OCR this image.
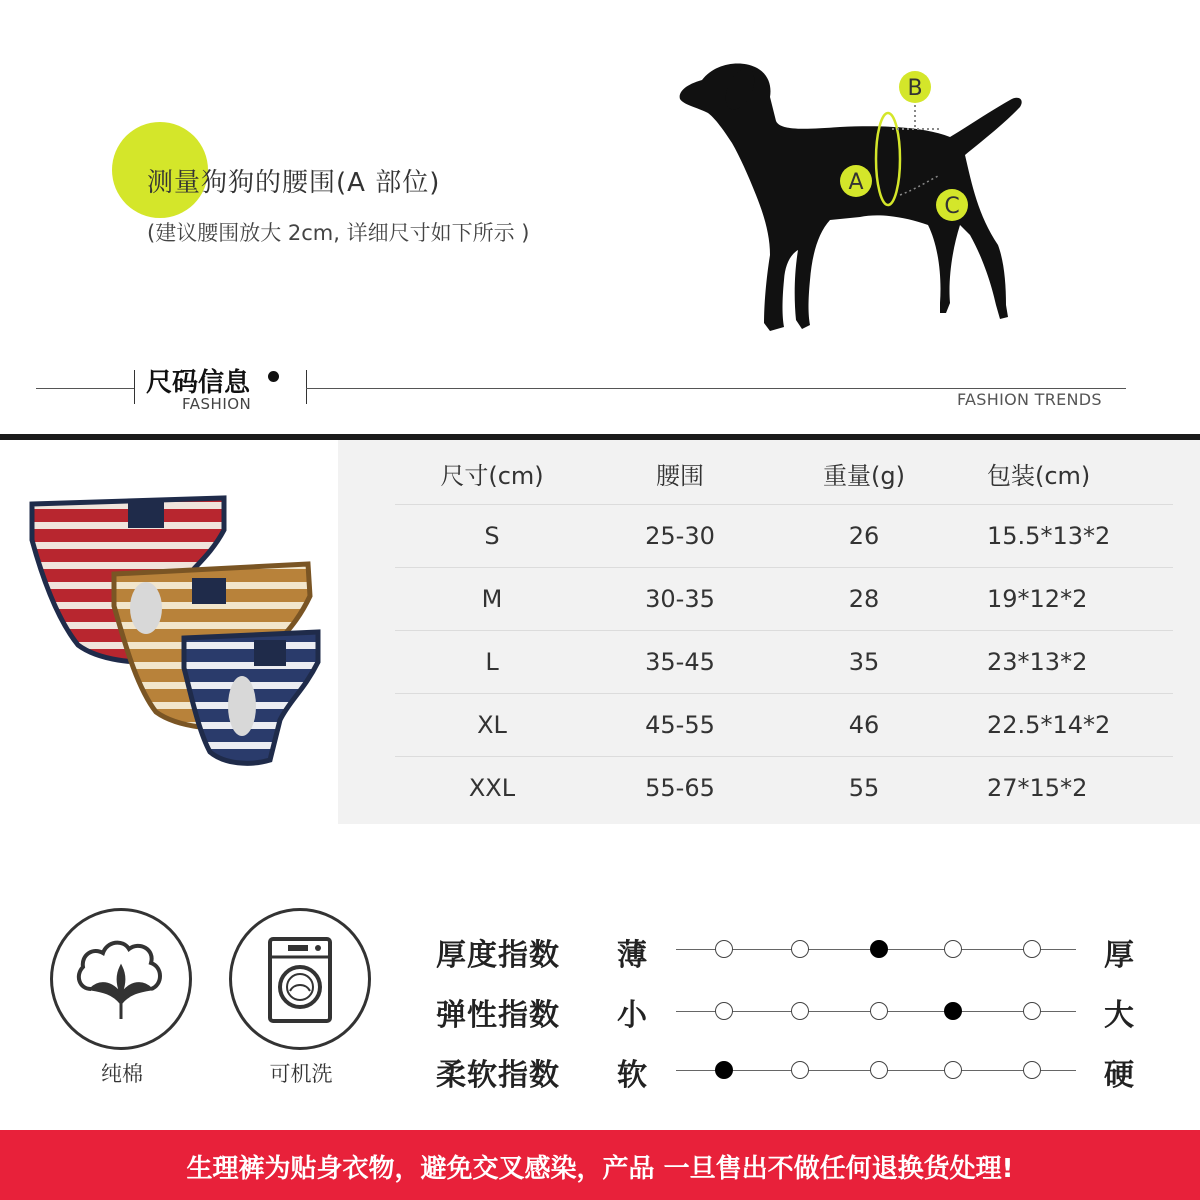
测量狗狗的腰围(A 部位)
(建议腰围放大 2cm, 详细尺寸如下所示 )
A
B
C
尺码信息
FASHION	FASHION TRENDS
尺寸(cm)	腰围	重量(g)	包装(cm)
S	25-30	26	15.5*13*2
M	30-35	28	19*12*2
L	35-45	35	23*13*2
XL	45-55	46	22.5*14*2
XXL	55-65	55	27*15*2
纯棉	可机洗
厚度指数 薄	厚
弹性指数 小	大
柔软指数 软	硬
生理裤为贴身衣物，避免交叉感染，产品 一旦售出不做任何退换货处理!
